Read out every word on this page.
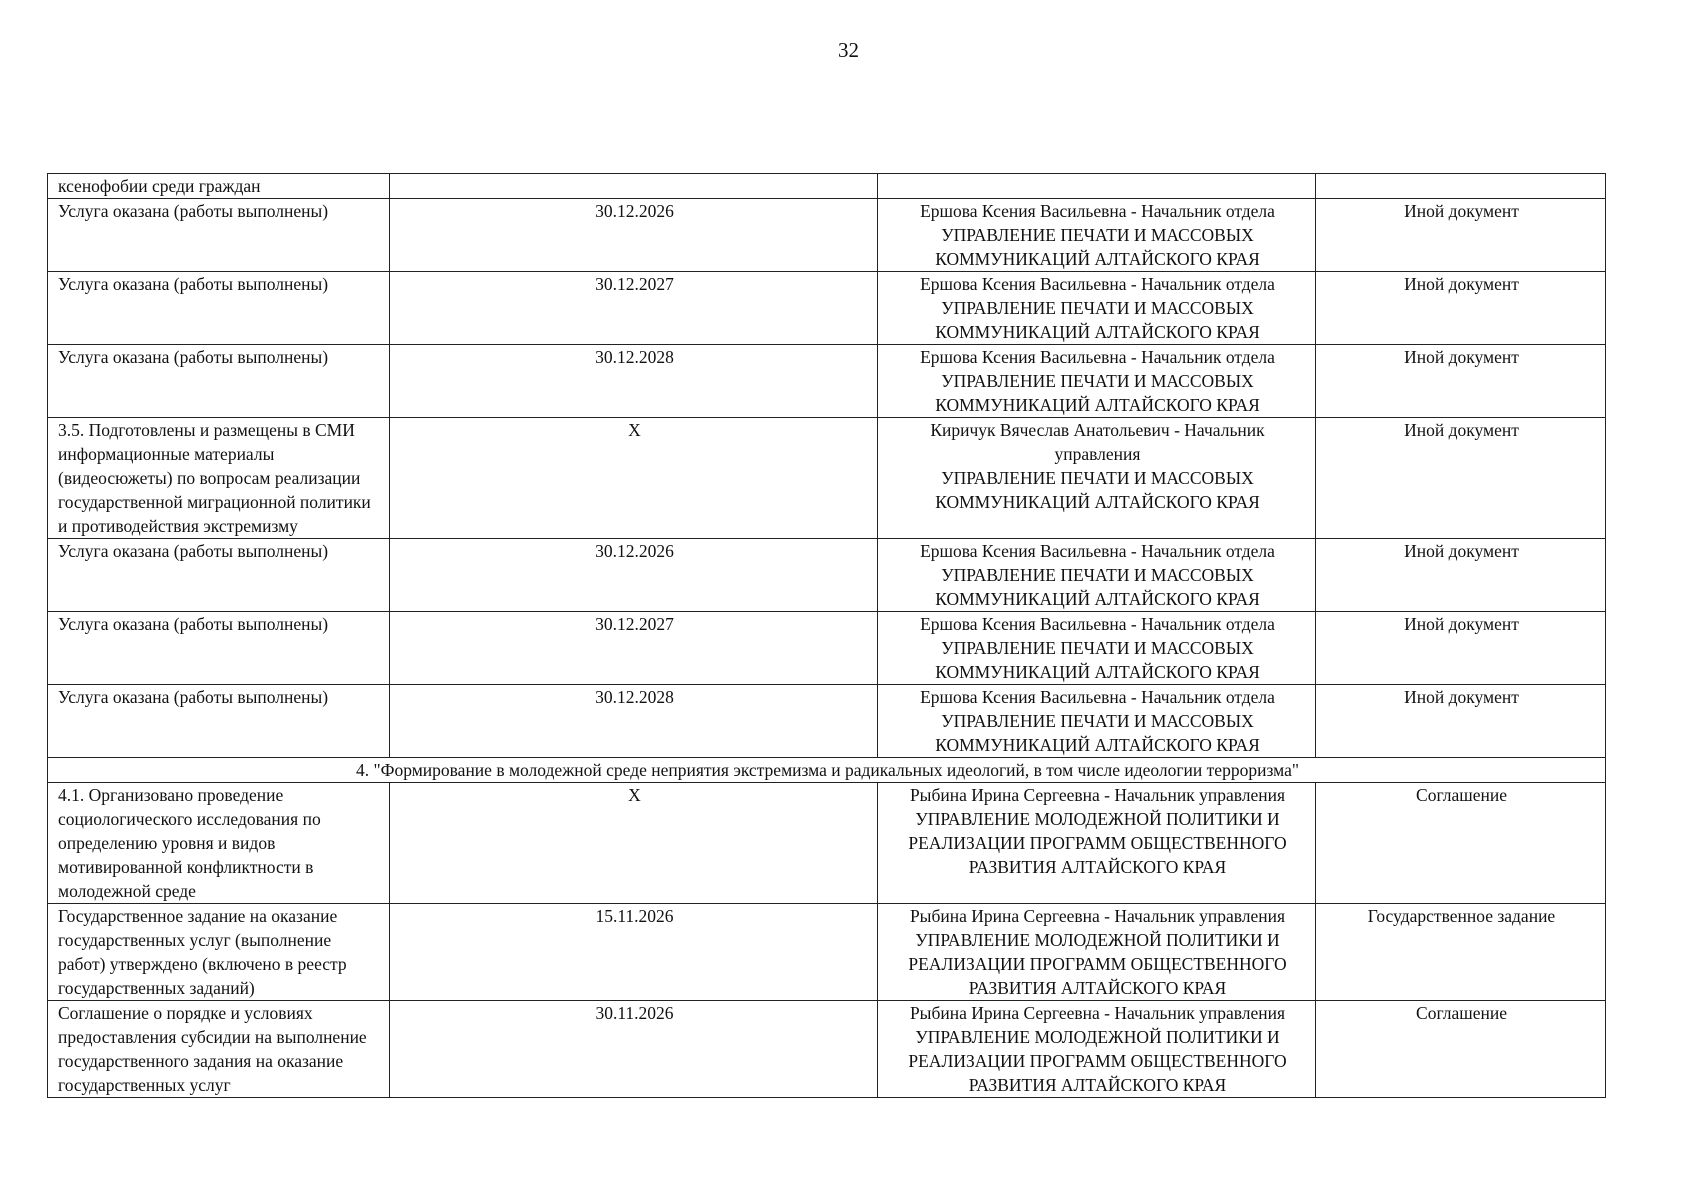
32
ксенофобии среди граждан		

Услуга оказана (работы выполнены)	30.12.2026	Ершова Ксения Васильевна - Начальник отдела
УПРАВЛЕНИЕ ПЕЧАТИ И МАССОВЫХ
КОММУНИКАЦИЙ АЛТАЙСКОГО КРАЯ	Иной документ
Услуга оказана (работы выполнены)	30.12.2027	Ершова Ксения Васильевна - Начальник отдела
УПРАВЛЕНИЕ ПЕЧАТИ И МАССОВЫХ
КОММУНИКАЦИЙ АЛТАЙСКОГО КРАЯ	Иной документ
Услуга оказана (работы выполнены)	30.12.2028	Ершова Ксения Васильевна - Начальник отдела
УПРАВЛЕНИЕ ПЕЧАТИ И МАССОВЫХ
КОММУНИКАЦИЙ АЛТАЙСКОГО КРАЯ	Иной документ
3.5. Подготовлены и размещены в СМИ информационные материалы (видеосюжеты) по вопросам реализации государственной миграционной политики и противодействия экстремизму	X	Киричук Вячеслав Анатольевич - Начальник управления
УПРАВЛЕНИЕ ПЕЧАТИ И МАССОВЫХ
КОММУНИКАЦИЙ АЛТАЙСКОГО КРАЯ	Иной документ
Услуга оказана (работы выполнены)	30.12.2026	Ершова Ксения Васильевна - Начальник отдела
УПРАВЛЕНИЕ ПЕЧАТИ И МАССОВЫХ
КОММУНИКАЦИЙ АЛТАЙСКОГО КРАЯ	Иной документ
Услуга оказана (работы выполнены)	30.12.2027	Ершова Ксения Васильевна - Начальник отдела
УПРАВЛЕНИЕ ПЕЧАТИ И МАССОВЫХ
КОММУНИКАЦИЙ АЛТАЙСКОГО КРАЯ	Иной документ
Услуга оказана (работы выполнены)	30.12.2028	Ершова Ксения Васильевна - Начальник отдела
УПРАВЛЕНИЕ ПЕЧАТИ И МАССОВЫХ
КОММУНИКАЦИЙ АЛТАЙСКОГО КРАЯ	Иной документ
4. "Формирование в молодежной среде неприятия экстремизма и радикальных идеологий, в том числе идеологии терроризма"			
4.1. Организовано проведение социологического исследования по определению уровня и видов мотивированной конфликтности в молодежной среде	X	Рыбина Ирина Сергеевна - Начальник управления
УПРАВЛЕНИЕ МОЛОДЕЖНОЙ ПОЛИТИКИ И
РЕАЛИЗАЦИИ ПРОГРАММ ОБЩЕСТВЕННОГО
РАЗВИТИЯ АЛТАЙСКОГО КРАЯ	Соглашение
Государственное задание на оказание государственных услуг (выполнение работ) утверждено (включено в реестр государственных заданий)	15.11.2026	Рыбина Ирина Сергеевна - Начальник управления
УПРАВЛЕНИЕ МОЛОДЕЖНОЙ ПОЛИТИКИ И
РЕАЛИЗАЦИИ ПРОГРАММ ОБЩЕСТВЕННОГО
РАЗВИТИЯ АЛТАЙСКОГО КРАЯ	Государственное задание
Соглашение о порядке и условиях предоставления субсидии на выполнение государственного задания на оказание государственных услуг	30.11.2026	Рыбина Ирина Сергеевна - Начальник управления
УПРАВЛЕНИЕ МОЛОДЕЖНОЙ ПОЛИТИКИ И
РЕАЛИЗАЦИИ ПРОГРАММ ОБЩЕСТВЕННОГО
РАЗВИТИЯ АЛТАЙСКОГО КРАЯ	Соглашение
